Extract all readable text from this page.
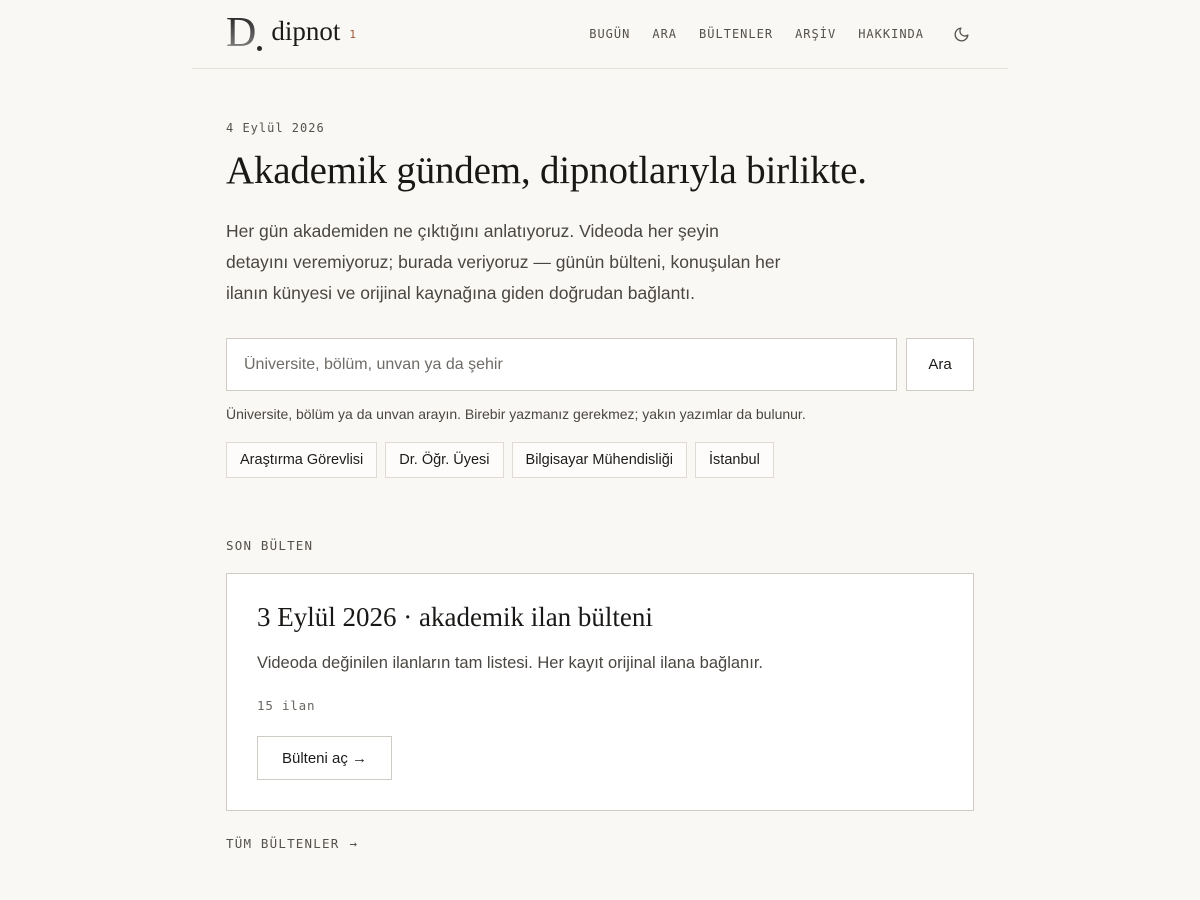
D dipnot 1	BUGÜN ARA BÜLTENLER ARŞİV HAKKINDA
4 Eylül 2026
Akademik gündem, dipnotlarıyla birlikte.

Her gün akademiden ne çıktığını anlatıyoruz. Videoda her şeyin detayını veremiyoruz; burada veriyoruz — günün bülteni, konuşulan her ilanın künyesi ve orijinal kaynağına giden doğrudan bağlantı.

Üniversite, bölüm, unvan ya da şehir
Ara
Üniversite, bölüm ya da unvan arayın. Birebir yazmanız gerekmez; yakın yazımlar da bulunur.
Araştırma Görevlisi	Dr. Öğr. Üyesi	Bilgisayar Mühendisliği	İstanbul
SON BÜLTEN
3 Eylül 2026 · akademik ilan bülteni
Videoda değinilen ilanların tam listesi. Her kayıt orijinal ilana bağlanır.
15 ilan
Bülteni aç →
TÜM BÜLTENLER →
